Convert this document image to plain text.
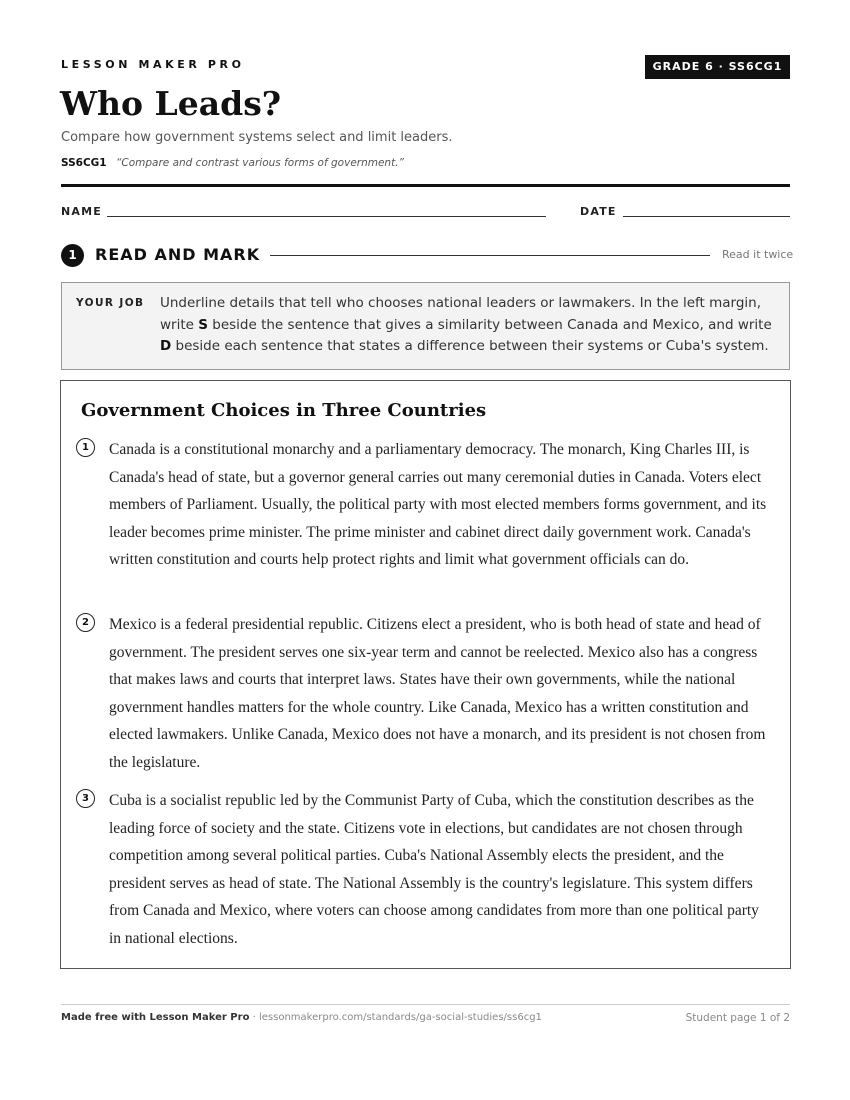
LESSON MAKER PRO	GRADE 6 · SS6CG1
Who Leads?
Compare how government systems select and limit leaders.
SS6CG1 “Compare and contrast various forms of government.”
NAME	DATE
1	READ AND MARK	Read it twice
YOUR JOB Underline details that tell who chooses national leaders or lawmakers. In the left margin, write S beside the sentence that gives a similarity between Canada and Mexico, and write D beside each sentence that states a difference between their systems or Cuba's system.
Government Choices in Three Countries
1	Canada is a constitutional monarchy and a parliamentary democracy. The monarch, King Charles III, is Canada's head of state, but a governor general carries out many ceremonial duties in Canada. Voters elect members of Parliament. Usually, the political party with most elected members forms government, and its leader becomes prime minister. The prime minister and cabinet direct daily government work. Canada's written constitution and courts help protect rights and limit what government officials can do.

2	Mexico is a federal presidential republic. Citizens elect a president, who is both head of state and head of government. The president serves one six-year term and cannot be reelected. Mexico also has a congress that makes laws and courts that interpret laws. States have their own governments, while the national government handles matters for the whole country. Like Canada, Mexico has a written constitution and elected lawmakers. Unlike Canada, Mexico does not have a monarch, and its president is not chosen from the legislature.

3	Cuba is a socialist republic led by the Communist Party of Cuba, which the constitution describes as the leading force of society and the state. Citizens vote in elections, but candidates are not chosen through competition among several political parties. Cuba's National Assembly elects the president, and the president serves as head of state. The National Assembly is the country's legislature. This system differs from Canada and Mexico, where voters can choose among candidates from more than one political party in national elections.

Made free with Lesson Maker Pro · lessonmakerpro.com/standards/ga-social-studies/ss6cg1	Student page 1 of 2
